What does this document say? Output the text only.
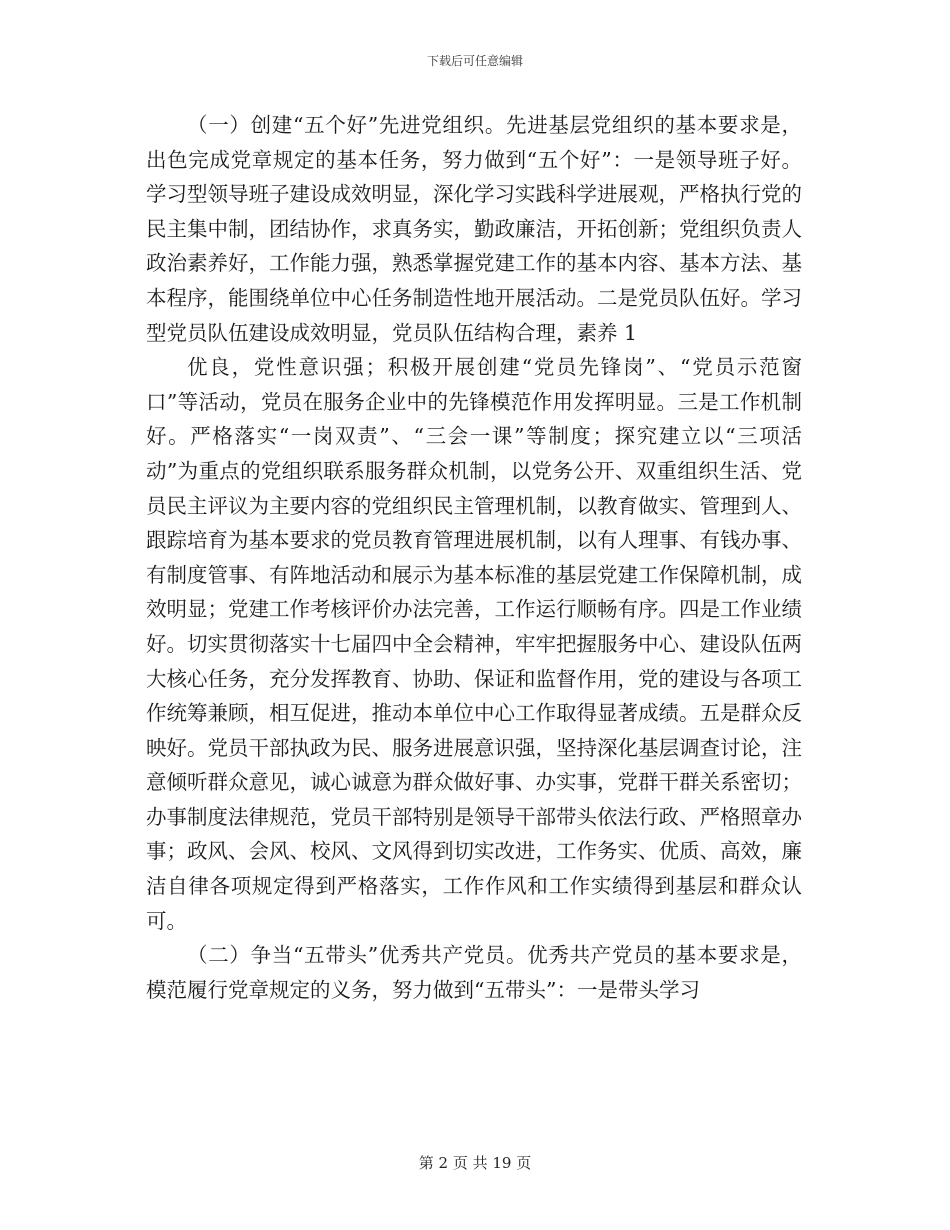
下载后可任意编辑

（一）创建“五个好”先进党组织。先进基层党组织的基本要求是，出色完成党章规定的基本任务，努力做到“五个好”：一是领导班子好。学习型领导班子建设成效明显，深化学习实践科学进展观，严格执行党的民主集中制，团结协作，求真务实，勤政廉洁，开拓创新；党组织负责人政治素养好，工作能力强，熟悉掌握党建工作的基本内容、基本方法、基本程序，能围绕单位中心任务制造性地开展活动。二是党员队伍好。学习型党员队伍建设成效明显，党员队伍结构合理，素养 1

优良，党性意识强；积极开展创建“党员先锋岗”、“党员示范窗口”等活动，党员在服务企业中的先锋模范作用发挥明显。三是工作机制好。严格落实“一岗双责”、“三会一课”等制度；探究建立以“三项活动”为重点的党组织联系服务群众机制，以党务公开、双重组织生活、党员民主评议为主要内容的党组织民主管理机制，以教育做实、管理到人、跟踪培育为基本要求的党员教育管理进展机制，以有人理事、有钱办事、有制度管事、有阵地活动和展示为基本标准的基层党建工作保障机制，成效明显；党建工作考核评价办法完善，工作运行顺畅有序。四是工作业绩好。切实贯彻落实十七届四中全会精神，牢牢把握服务中心、建设队伍两大核心任务，充分发挥教育、协助、保证和监督作用，党的建设与各项工作统筹兼顾，相互促进，推动本单位中心工作取得显著成绩。五是群众反映好。党员干部执政为民、服务进展意识强，坚持深化基层调查讨论，注意倾听群众意见，诚心诚意为群众做好事、办实事，党群干群关系密切；办事制度法律规范，党员干部特别是领导干部带头依法行政、严格照章办事；政风、会风、校风、文风得到切实改进，工作务实、优质、高效，廉洁自律各项规定得到严格落实，工作作风和工作实绩得到基层和群众认可。

（二）争当“五带头”优秀共产党员。优秀共产党员的基本要求是，模范履行党章规定的义务，努力做到“五带头”：一是带头学习

第 2 页 共 19 页
